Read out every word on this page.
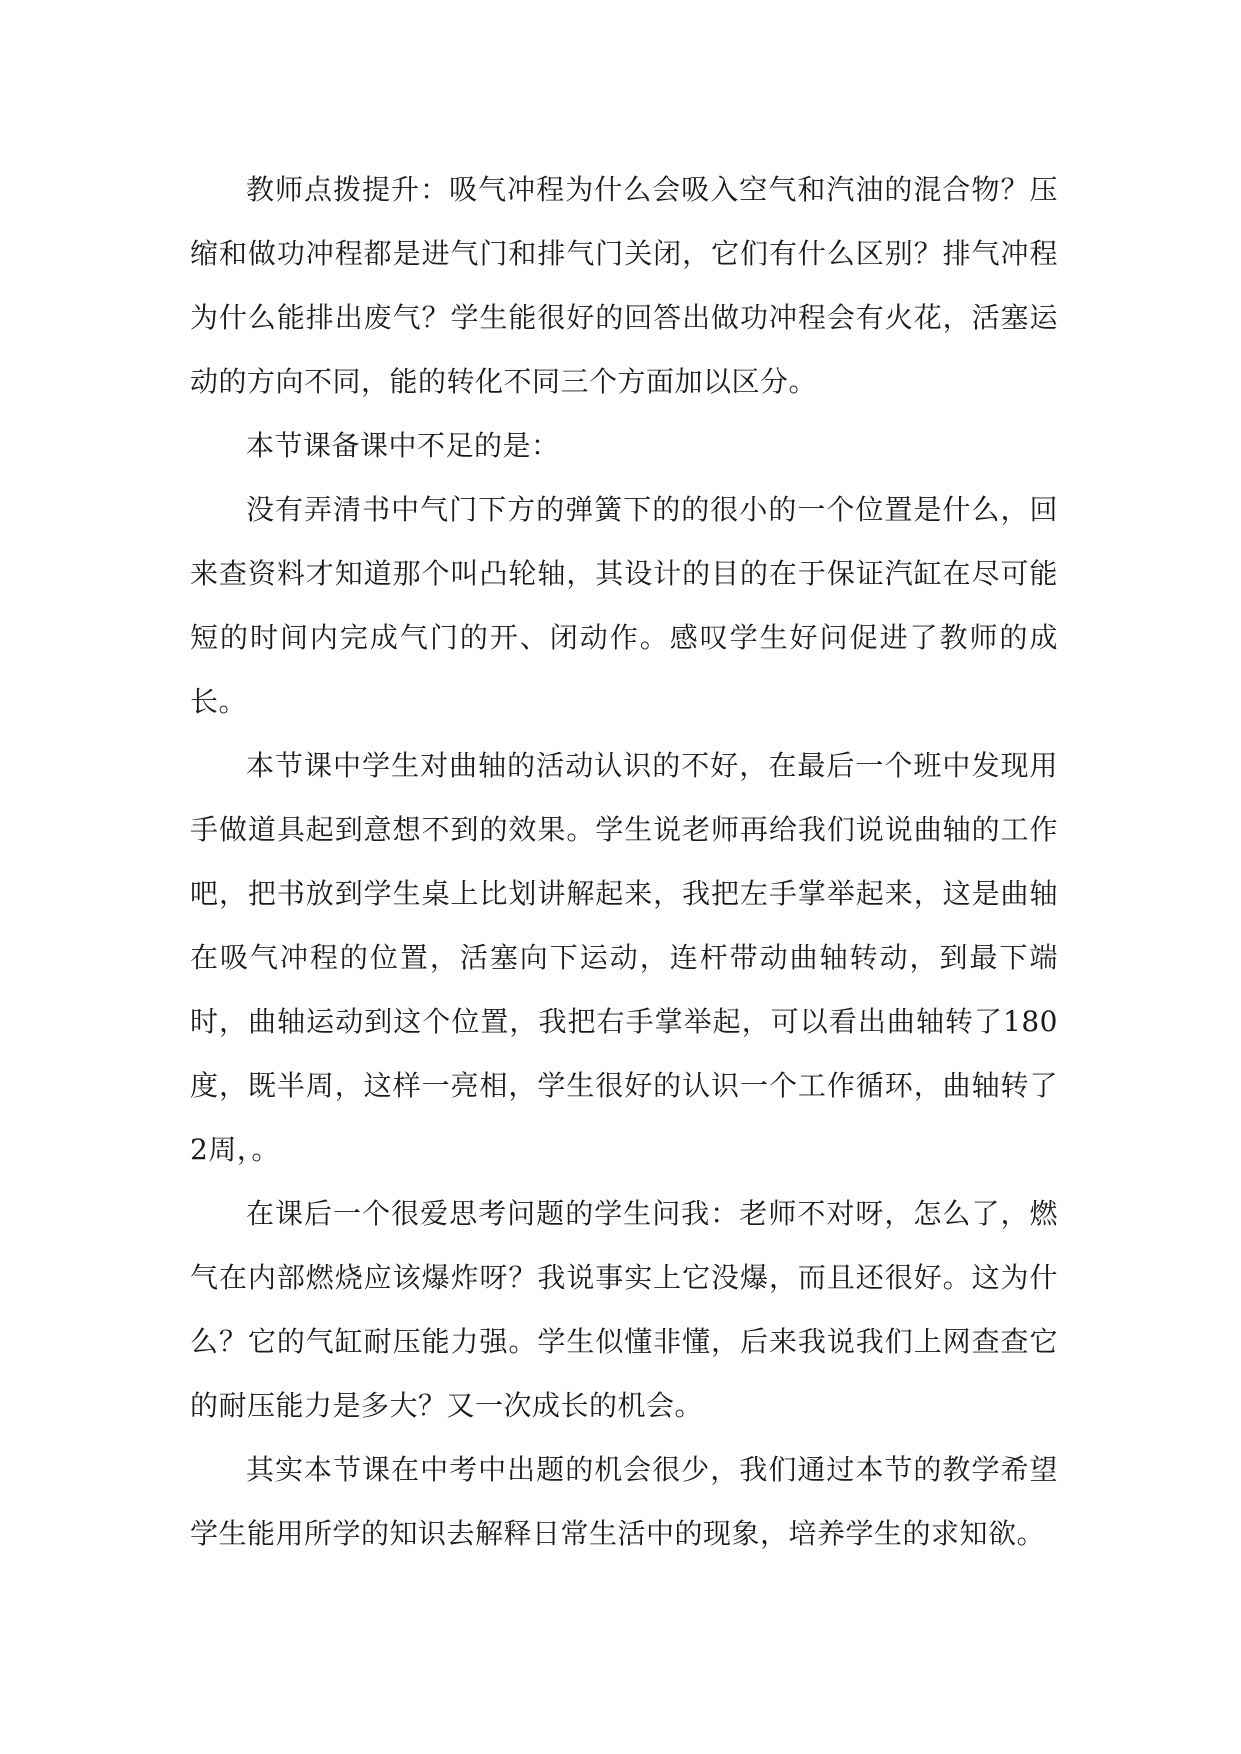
教师点拨提升：吸气冲程为什么会吸入空气和汽油的混合物？压缩和做功冲程都是进气门和排气门关闭，它们有什么区别？排气冲程为什么能排出废气？学生能很好的回答出做功冲程会有火花，活塞运动的方向不同，能的转化不同三个方面加以区分。

本节课备课中不足的是：

没有弄清书中气门下方的弹簧下的的很小的一个位置是什么，回来查资料才知道那个叫凸轮轴，其设计的目的在于保证汽缸在尽可能短的时间内完成气门的开、闭动作。感叹学生好问促进了教师的成长。

本节课中学生对曲轴的活动认识的不好，在最后一个班中发现用手做道具起到意想不到的效果。学生说老师再给我们说说曲轴的工作吧，把书放到学生桌上比划讲解起来，我把左手掌举起来，这是曲轴在吸气冲程的位置，活塞向下运动，连杆带动曲轴转动，到最下端时，曲轴运动到这个位置，我把右手掌举起，可以看出曲轴转了180度，既半周，这样一亮相，学生很好的认识一个工作循环，曲轴转了2周，。

在课后一个很爱思考问题的学生问我：老师不对呀，怎么了，燃气在内部燃烧应该爆炸呀？我说事实上它没爆，而且还很好。这为什么？它的气缸耐压能力强。学生似懂非懂，后来我说我们上网查查它的耐压能力是多大？又一次成长的机会。

其实本节课在中考中出题的机会很少，我们通过本节的教学希望学生能用所学的知识去解释日常生活中的现象，培养学生的求知欲。
